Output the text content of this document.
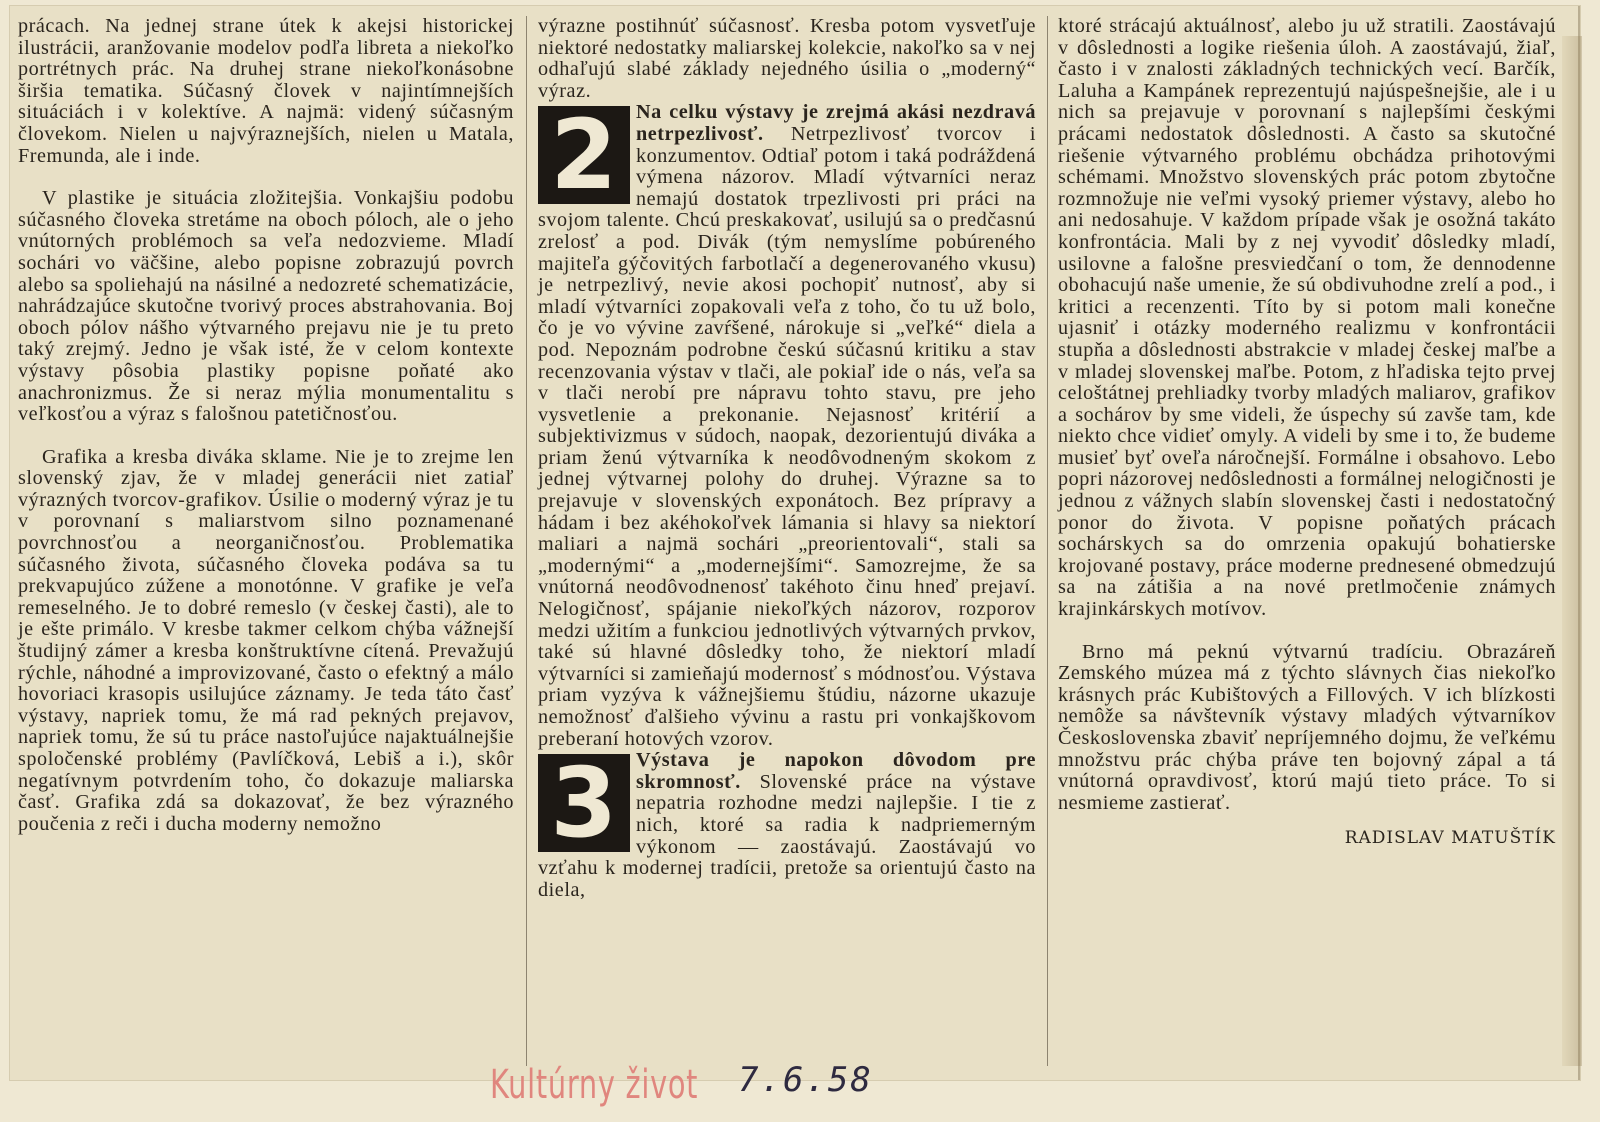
prácach. Na jednej strane útek k akejsi historickej ilustrácii, aranžovanie modelov podľa libreta a niekoľko portrétnych prác. Na druhej strane niekoľkonásobne širšia tematika. Súčasný človek v najintímnejších situáciách i v kolektíve. A najmä: videný súčasným človekom. Nielen u najvýraznejších, nielen u Matala, Fremunda, ale i inde.

V plastike je situácia zložitejšia. Vonkajšiu podobu súčasného človeka stretáme na oboch póloch, ale o jeho vnútorných problémoch sa veľa nedozvieme. Mladí sochári vo väčšine, alebo popisne zobrazujú povrch alebo sa spoliehajú na násilné a nedozreté schematizácie, nahrádzajúce skutočne tvorivý proces abstrahovania. Boj oboch pólov nášho výtvarného prejavu nie je tu preto taký zrejmý. Jedno je však isté, že v celom kontexte výstavy pôsobia plastiky popisne poňaté ako anachronizmus. Že si neraz mýlia monumentalitu s veľkosťou a výraz s falošnou patetičnosťou.

Grafika a kresba diváka sklame. Nie je to zrejme len slovenský zjav, že v mladej generácii niet zatiaľ výrazných tvorcov-grafikov. Úsilie o moderný výraz je tu v porovnaní s maliarstvom silno poznamenané povrchnosťou a neorganičnosťou. Problematika súčasného života, súčasného človeka podáva sa tu prekvapujúco zúžene a monotónne. V grafike je veľa remeselného. Je to dobré remeslo (v českej časti), ale to je ešte primálo. V kresbe takmer celkom chýba vážnejší študijný zámer a kresba konštruktívne cítená. Prevažujú rýchle, náhodné a improvizované, často o efektný a málo hovoriaci krasopis usilujúce záznamy. Je teda táto časť výstavy, napriek tomu, že má rad pekných prejavov, napriek tomu, že sú tu práce nastoľujúce najaktuálnejšie spoločenské problémy (Pavlíčková, Lebiš a i.), skôr negatívnym potvrdením toho, čo dokazuje maliarska časť. Grafika zdá sa dokazovať, že bez výrazného poučenia z reči i ducha moderny nemožno

výrazne postihnúť súčasnosť. Kresba potom vysvetľuje niektoré nedostatky maliarskej kolekcie, nakoľko sa v nej odhaľujú slabé základy nejedného úsilia o „moderný“ výraz.

2 Na celku výstavy je zrejmá akási nezdravá netrpezlivosť. Netrpezlivosť tvorcov i konzumentov. Odtiaľ potom i taká podráždená výmena názorov. Mladí výtvarníci neraz nemajú dostatok trpezlivosti pri práci na svojom talente. Chcú preskakovať, usilujú sa o predčasnú zrelosť a pod. Divák (tým nemyslíme pobúreného majiteľa gýčovitých farbotlačí a degenerovaného vkusu) je netrpezlivý, nevie akosi pochopiť nutnosť, aby si mladí výtvarníci zopakovali veľa z toho, čo tu už bolo, čo je vo vývine zavŕšené, nárokuje si „veľké“ diela a pod. Nepoznám podrobne českú súčasnú kritiku a stav recenzovania výstav v tlači, ale pokiaľ ide o nás, veľa sa v tlači nerobí pre nápravu tohto stavu, pre jeho vysvetlenie a prekonanie. Nejasnosť kritérií a subjektivizmus v súdoch, naopak, dezorientujú diváka a priam ženú výtvarníka k neodôvodneným skokom z jednej výtvarnej polohy do druhej. Výrazne sa to prejavuje v slovenských exponátoch. Bez prípravy a hádam i bez akéhokoľvek lámania si hlavy sa niektorí maliari a najmä sochári „preorientovali“, stali sa „modernými“ a „modernejšími“. Samozrejme, že sa vnútorná neodôvodnenosť takéhoto činu hneď prejaví. Nelogičnosť, spájanie niekoľkých názorov, rozporov medzi užitím a funkciou jednotlivých výtvarných prvkov, také sú hlavné dôsledky toho, že niektorí mladí výtvarníci si zamieňajú modernosť s módnosťou. Výstava priam vyzýva k vážnejšiemu štúdiu, názorne ukazuje nemožnosť ďalšieho vývinu a rastu pri vonkajškovom preberaní hotových vzorov.

3 Výstava je napokon dôvodom pre skromnosť. Slovenské práce na výstave nepatria rozhodne medzi najlepšie. I tie z nich, ktoré sa radia k nadpriemerným výkonom — zaostávajú. Zaostávajú vo vzťahu k modernej tradícii, pretože sa orientujú často na diela,

ktoré strácajú aktuálnosť, alebo ju už stratili. Zaostávajú v dôslednosti a logike riešenia úloh. A zaostávajú, žiaľ, často i v znalosti základných technických vecí. Barčík, Laluha a Kampánek reprezentujú najúspešnejšie, ale i u nich sa prejavuje v porovnaní s najlepšími českými prácami nedostatok dôslednosti. A často sa skutočné riešenie výtvarného problému obchádza prihotovými schémami. Množstvo slovenských prác potom zbytočne rozmnožuje nie veľmi vysoký priemer výstavy, alebo ho ani nedosahuje. V každom prípade však je osožná takáto konfrontácia. Mali by z nej vyvodiť dôsledky mladí, usilovne a falošne presviedčaní o tom, že dennodenne obohacujú naše umenie, že sú obdivuhodne zrelí a pod., i kritici a recenzenti. Títo by si potom mali konečne ujasniť i otázky moderného realizmu v konfrontácii stupňa a dôslednosti abstrakcie v mladej českej maľbe a v mladej slovenskej maľbe. Potom, z hľadiska tejto prvej celoštátnej prehliadky tvorby mladých maliarov, grafikov a sochárov by sme videli, že úspechy sú zavše tam, kde niekto chce vidieť omyly. A videli by sme i to, že budeme musieť byť oveľa náročnejší. Formálne i obsahovo. Lebo popri názorovej nedôslednosti a formálnej nelogičnosti je jednou z vážnych slabín slovenskej časti i nedostatočný ponor do života. V popisne poňatých prácach sochárskych sa do omrzenia opakujú bohatierske krojované postavy, práce moderne prednesené obmedzujú sa na zátišia a na nové pretlmočenie známych krajinkárskych motívov.

Brno má peknú výtvarnú tradíciu. Obrazáreň Zemského múzea má z týchto slávnych čias niekoľko krásnych prác Kubištových a Fillových. V ich blízkosti nemôže sa návštevník výstavy mladých výtvarníkov Československa zbaviť nepríjemného dojmu, že veľkému množstvu prác chýba práve ten bojovný zápal a tá vnútorná opravdivosť, ktorú majú tieto práce. To si nesmieme zastierať.

RADISLAV MATUŠTÍK
Kultúrny život 7.6.58
